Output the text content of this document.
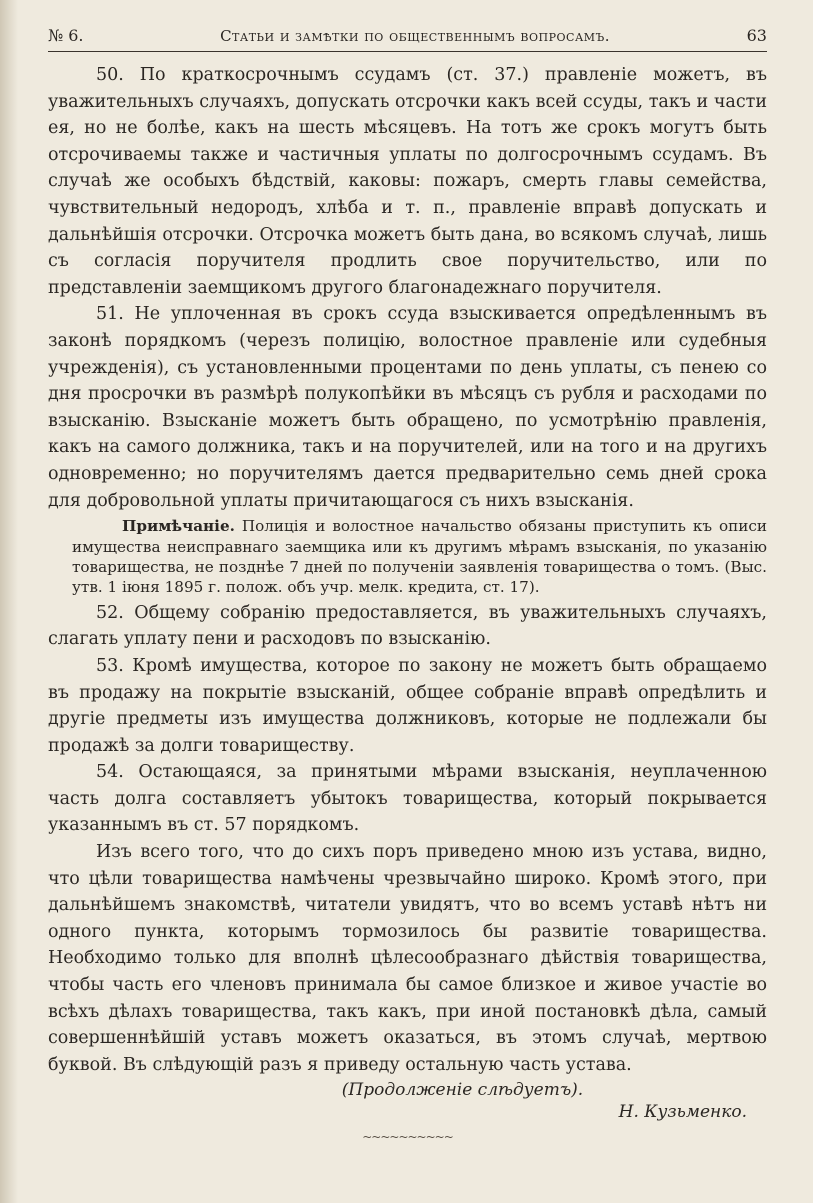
№ 6.	Статьи и замѣтки по общественнымъ вопросамъ.	63

50. По краткосрочнымъ ссудамъ (ст. 37.) правленіе можетъ, въ уважительныхъ случаяхъ, допускать отсрочки какъ всей ссуды, такъ и части ея, но не болѣе, какъ на шесть мѣсяцевъ. На тотъ же срокъ могутъ быть отсрочиваемы также и частичныя уплаты по долгосрочнымъ ссудамъ. Въ случаѣ же особыхъ бѣдствій, каковы: пожаръ, смерть главы семейства, чувствительный недородъ, хлѣба и т. п., правленіе вправѣ допускать и дальнѣйшія отсрочки. Отсрочка можетъ быть дана, во всякомъ случаѣ, лишь съ согласія поручителя продлить свое поручительство, или по представленіи заемщикомъ другого благонадежнаго поручителя.

51. Не уплоченная въ срокъ ссуда взыскивается опредѣленнымъ въ законѣ порядкомъ (черезъ полицію, волостное правленіе или судебныя учрежденія), съ установленными процентами по день уплаты, съ пенею со дня просрочки въ размѣрѣ полукопѣйки въ мѣсяцъ съ рубля и расходами по взысканію. Взысканіе можетъ быть обращено, по усмотрѣнію правленія, какъ на самого должника, такъ и на поручителей, или на того и на другихъ одновременно; но поручителямъ дается предварительно семь дней срока для добровольной уплаты причитающагося съ нихъ взысканія.

Примѣчаніе. Полиція и волостное начальство обязаны приступить къ описи имущества неисправнаго заемщика или къ другимъ мѣрамъ взысканія, по указанію товарищества, не позднѣе 7 дней по полученіи заявленія товарищества о томъ. (Выс. утв. 1 іюня 1895 г. полож. объ учр. мелк. кредита, ст. 17).

52. Общему собранію предоставляется, въ уважительныхъ случаяхъ, слагать уплату пени и расходовъ по взысканію.

53. Кромѣ имущества, которое по закону не можетъ быть обращаемо въ продажу на покрытіе взысканій, общее собраніе вправѣ опредѣлить и другіе предметы изъ имущества должниковъ, которые не подлежали бы продажѣ за долги товариществу.

54. Остающаяся, за принятыми мѣрами взысканія, неуплаченною часть долга составляетъ убытокъ товарищества, который покрывается указаннымъ въ ст. 57 порядкомъ.

Изъ всего того, что до сихъ поръ приведено мною изъ устава, видно, что цѣли товарищества намѣчены чрезвычайно широко. Кромѣ этого, при дальнѣйшемъ знакомствѣ, читатели увидятъ, что во всемъ уставѣ нѣтъ ни одного пункта, которымъ тормозилось бы развитіе товарищества. Необходимо только для вполнѣ цѣлесообразнаго дѣйствія товарищества, чтобы часть его членовъ принимала бы самое близкое и живое участіе во всѣхъ дѣлахъ товарищества, такъ какъ, при иной постановкѣ дѣла, самый совершеннѣйшій уставъ можетъ оказаться, въ этомъ случаѣ, мертвою буквой. Въ слѣдующій разъ я приведу остальную часть устава.

(Продолженіе слѣдуетъ).
Н. Кузьменко.
~~~~~~~~~~
